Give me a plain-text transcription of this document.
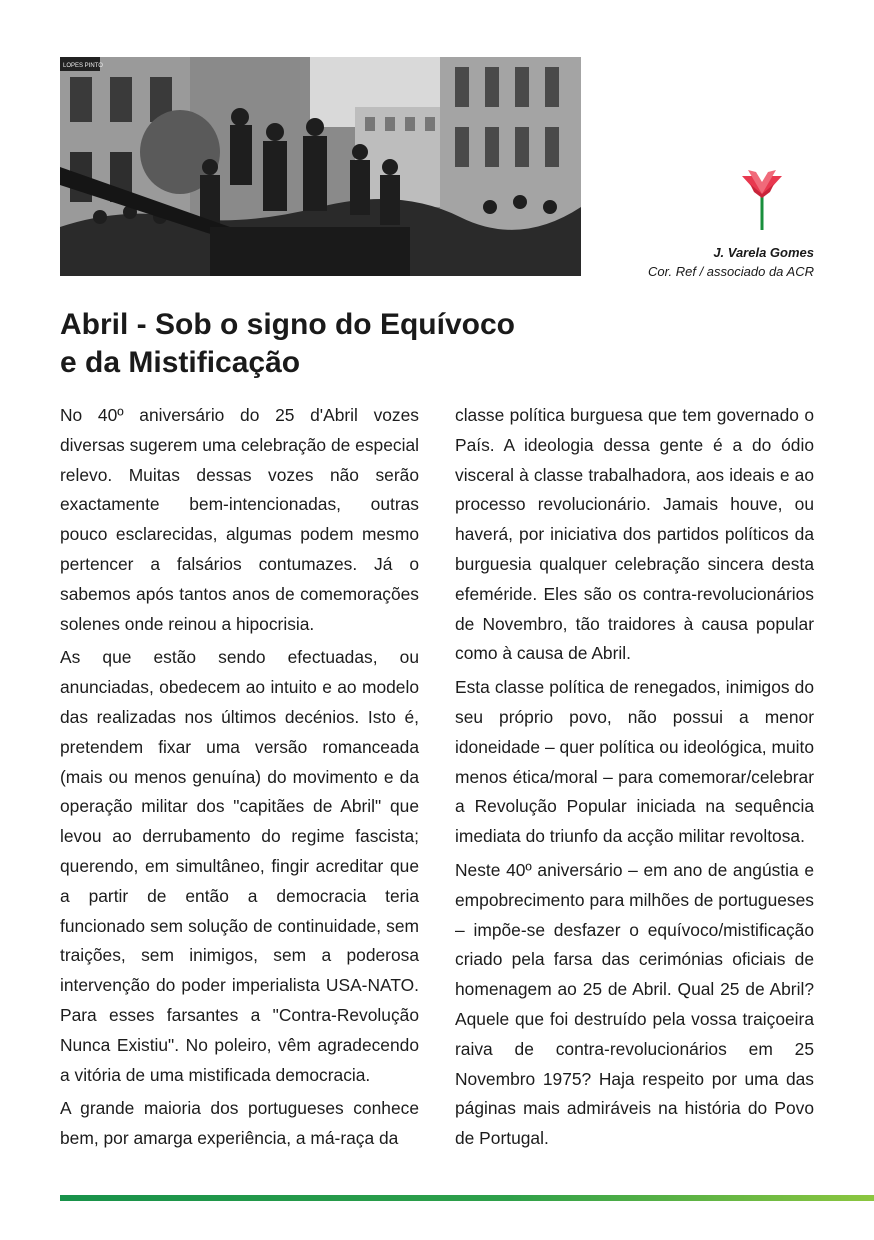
LOPES PINTO
J. Varela Gomes
Cor. Ref / associado da ACR
Abril - Sob o signo do Equívoco
e da Mistificação

No 40º aniversário do 25 d'Abril vozes diversas sugerem uma celebração de especial relevo. Muitas dessas vozes não serão exactamente bem-intencionadas, outras pouco esclarecidas, algumas podem mesmo pertencer a falsários contumazes. Já o sabemos após tantos anos de comemorações solenes onde reinou a hipocrisia.

As que estão sendo efectuadas, ou anunciadas, obedecem ao intuito e ao modelo das realizadas nos últimos decénios. Isto é, pretendem fixar uma versão romanceada (mais ou menos genuína) do movimento e da operação militar dos "capitães de Abril" que levou ao derrubamento do regime fascista; querendo, em simultâneo, fingir acreditar que a partir de então a democracia teria funcionado sem solução de continuidade, sem traições, sem inimigos, sem a poderosa intervenção do poder imperialista USA-NATO. Para esses farsantes a "Contra-Revolução Nunca Existiu". No poleiro, vêm agradecendo a vitória de uma mistificada democracia.

A grande maioria dos portugueses conhece bem, por amarga experiência, a má-raça da

classe política burguesa que tem governado o País. A ideologia dessa gente é a do ódio visceral à classe trabalhadora, aos ideais e ao processo revolucionário. Jamais houve, ou haverá, por iniciativa dos partidos políticos da burguesia qualquer celebração sincera desta efeméride. Eles são os contra-revolucionários de Novembro, tão traidores à causa popular como à causa de Abril.

Esta classe política de renegados, inimigos do seu próprio povo, não possui a menor idoneidade – quer política ou ideológica, muito menos ética/moral – para comemorar/celebrar a Revolução Popular iniciada na sequência imediata do triunfo da acção militar revoltosa.

Neste 40º aniversário – em ano de angústia e empobrecimento para milhões de portugueses – impõe-se desfazer o equívoco/mistificação criado pela farsa das cerimónias oficiais de homenagem ao 25 de Abril. Qual 25 de Abril? Aquele que foi destruído pela vossa traiçoeira raiva de contra-revolucionários em 25 Novembro 1975? Haja respeito por uma das páginas mais admiráveis na história do Povo de Portugal.
